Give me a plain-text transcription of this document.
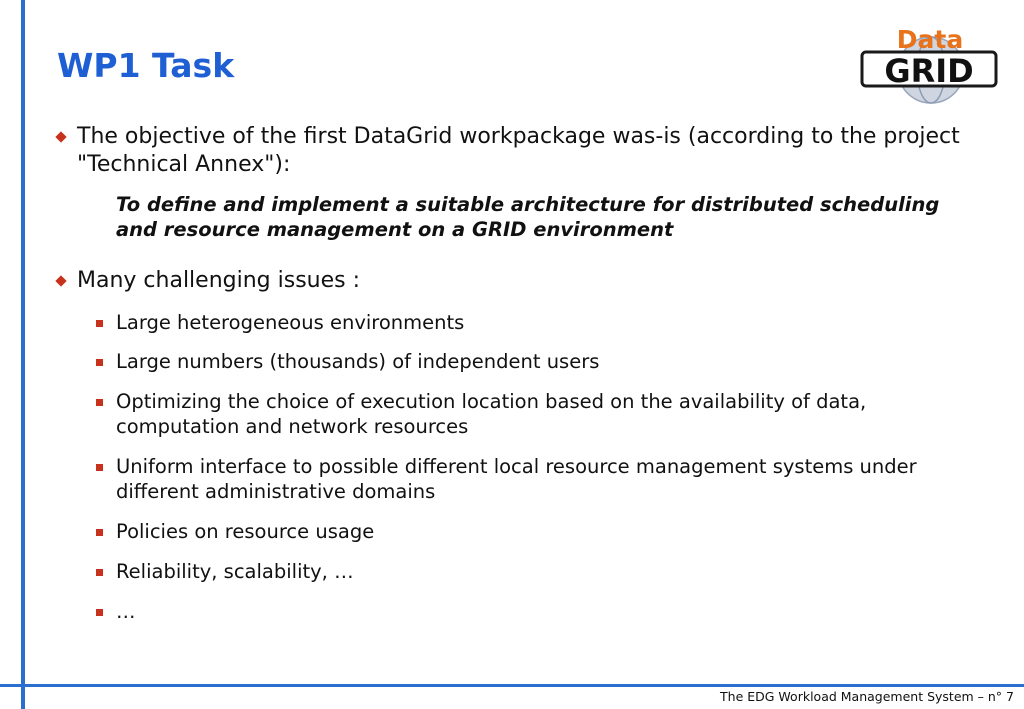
WP1 Task	GRID
Data
The objective of the first DataGrid workpackage was-is (according to the project "Technical Annex"):
To define and implement a suitable architecture for distributed scheduling and resource management on a GRID environment
Many challenging issues :
Large heterogeneous environments
Large numbers (thousands) of independent users
Optimizing the choice of execution location based on the availability of data, computation and network resources
Uniform interface to possible different local resource management systems under different administrative domains
Policies on resource usage
Reliability, scalability, …
…
The EDG Workload Management System – n° 7
